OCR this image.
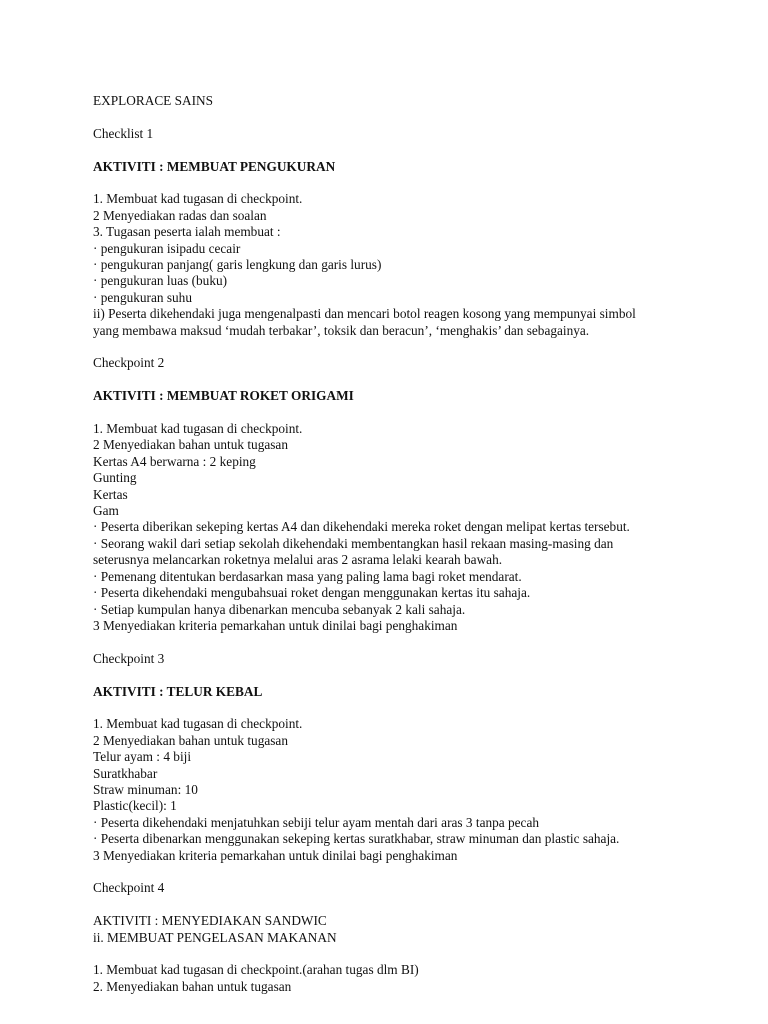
EXPLORACE SAINS
Checklist 1
AKTIVITI : MEMBUAT PENGUKURAN
1. Membuat kad tugasan di checkpoint.
2 Menyediakan radas dan soalan
3. Tugasan peserta ialah membuat :
· pengukuran isipadu cecair
· pengukuran panjang( garis lengkung dan garis lurus)
· pengukuran luas (buku)
· pengukuran suhu
ii) Peserta dikehendaki juga mengenalpasti dan mencari botol reagen kosong yang mempunyai simbol
yang membawa maksud ‘mudah terbakar’, toksik dan beracun’, ‘menghakis’ dan sebagainya.
Checkpoint 2
AKTIVITI : MEMBUAT ROKET ORIGAMI
1. Membuat kad tugasan di checkpoint.
2 Menyediakan bahan untuk tugasan
Kertas A4 berwarna : 2 keping
Gunting
Kertas
Gam
· Peserta diberikan sekeping kertas A4 dan dikehendaki mereka roket dengan melipat kertas tersebut.
· Seorang wakil dari setiap sekolah dikehendaki membentangkan hasil rekaan masing-masing dan
seterusnya melancarkan roketnya melalui aras 2 asrama lelaki kearah bawah.
· Pemenang ditentukan berdasarkan masa yang paling lama bagi roket mendarat.
· Peserta dikehendaki mengubahsuai roket dengan menggunakan kertas itu sahaja.
· Setiap kumpulan hanya dibenarkan mencuba sebanyak 2 kali sahaja.
3 Menyediakan kriteria pemarkahan untuk dinilai bagi penghakiman
Checkpoint 3
AKTIVITI : TELUR KEBAL
1. Membuat kad tugasan di checkpoint.
2 Menyediakan bahan untuk tugasan
Telur ayam : 4 biji
Suratkhabar
Straw minuman: 10
Plastic(kecil): 1
· Peserta dikehendaki menjatuhkan sebiji telur ayam mentah dari aras 3 tanpa pecah
· Peserta dibenarkan menggunakan sekeping kertas suratkhabar, straw minuman dan plastic sahaja.
3 Menyediakan kriteria pemarkahan untuk dinilai bagi penghakiman
Checkpoint 4
AKTIVITI : MENYEDIAKAN SANDWIC
ii. MEMBUAT PENGELASAN MAKANAN
1. Membuat kad tugasan di checkpoint.(arahan tugas dlm BI)
2. Menyediakan bahan untuk tugasan
